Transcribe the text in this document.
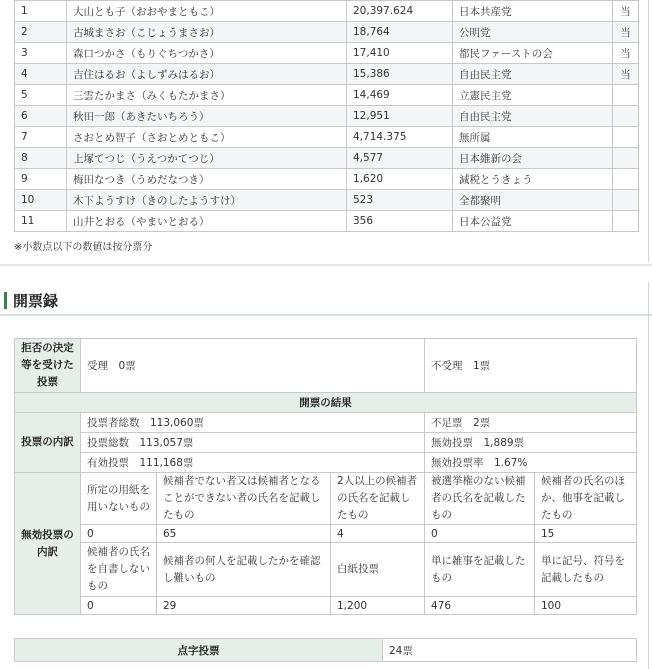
1	大山とも子（おおやまともこ）	20,397.624	日本共産党	当
2	古城まさお（こじょうまさお）	18,764	公明党	当
3	森口つかさ（もりぐちつかさ）	17,410	都民ファーストの会	当
4	吉住はるお（よしずみはるお）	15,386	自由民主党	当
5	三雲たかまさ（みくもたかまさ）	14,469	立憲民主党	
6	秋田一郎（あきたいちろう）	12,951	自由民主党	
7	さおとめ智子（さおとめともこ）	4,714.375	無所属	
8	上塚てつじ（うえつかてつじ）	4,577	日本維新の会	
9	梅田なつき（うめだなつき）	1,620	減税とうきょう	
10	木下ようすけ（きのしたようすけ）	523	全都聚明	
11	山井とおる（やまいとおる）	356	日本公益党	
※小数点以下の数値は按分票分
開票録
拒否の決定等を受けた投票	受理　0票			不受理　1票	
開票の結果					
投票の内訳	投票者総数　113,060票			不足票　2票	
	投票総数　113,057票			無効投票　1,889票	
	有効投票　111,168票			無効投票率　1.67%	
無効投票の内訳	所定の用紙を用いないもの	候補者でない者又は候補者となることができない者の氏名を記載したもの	2人以上の候補者の氏名を記載したもの	被選挙権のない候補者の氏名を記載したもの	候補者の氏名のほか、他事を記載したもの
	0	65	4	0	15
	候補者の氏名を自書しないもの	候補者の何人を記載したかを確認し難いもの	白紙投票	単に雑事を記載したもの	単に記号、符号を記載したもの
	0	29	1,200	476	100
点字投票	24票
